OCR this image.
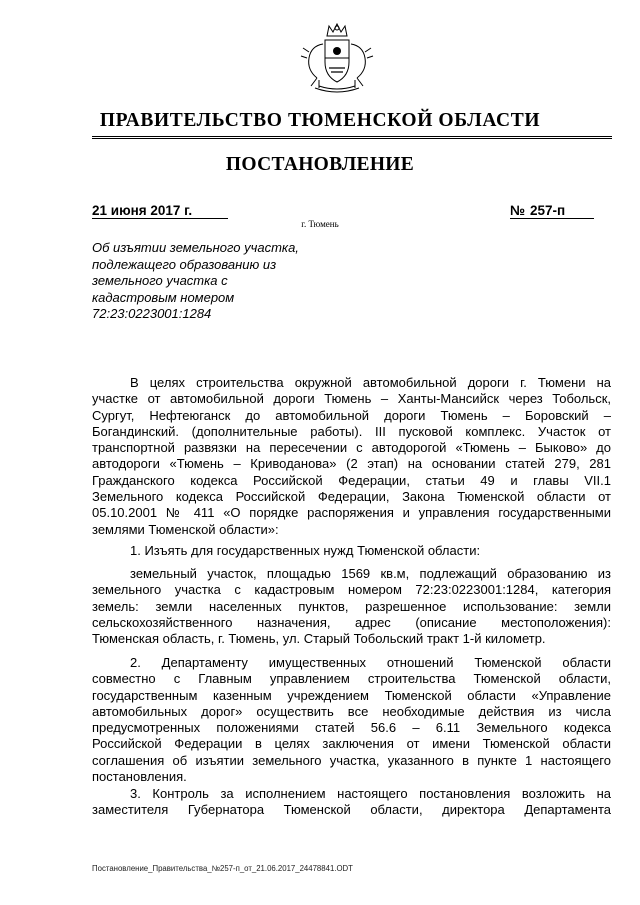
ПРАВИТЕЛЬСТВО ТЮМЕНСКОЙ ОБЛАСТИ
ПОСТАНОВЛЕНИЕ
21 июня 2017 г.
г. Тюмень
№ 257-п
Об изъятии земельного участка,
подлежащего образованию из
земельного участка с
кадастровым номером
72:23:0223001:1284
В целях строительства окружной автомобильной дороги г. Тюмени на
участке от автомобильной дороги Тюмень – Ханты-Мансийск через Тобольск,
Сургут, Нефтеюганск до автомобильной дороги Тюмень – Боровский –
Богандинский. (дополнительные работы). III пусковой комплекс. Участок от
транспортной развязки на пересечении с автодорогой «Тюмень – Быково» до
автодороги «Тюмень – Криводанова» (2 этап) на основании статей 279, 281
Гражданского кодекса Российской Федерации, статьи 49 и главы VII.1
Земельного кодекса Российской Федерации, Закона Тюменской области от
05.10.2001 № 411 «О порядке распоряжения и управления государственными
землями Тюменской области»:
1. Изъять для государственных нужд Тюменской области:
земельный участок, площадью 1569 кв.м, подлежащий образованию из
земельного участка с кадастровым номером 72:23:0223001:1284, категория
земель: земли населенных пунктов, разрешенное использование: земли
сельскохозяйственного назначения, адрес (описание местоположения):
Тюменская область, г. Тюмень, ул. Старый Тобольский тракт 1-й километр.
2. Департаменту имущественных отношений Тюменской области
совместно с Главным управлением строительства Тюменской области,
государственным казенным учреждением Тюменской области «Управление
автомобильных дорог» осуществить все необходимые действия из числа
предусмотренных положениями статей 56.6 – 6.11 Земельного кодекса
Российской Федерации в целях заключения от имени Тюменской области
соглашения об изъятии земельного участка, указанного в пункте 1 настоящего
постановления.
3. Контроль за исполнением настоящего постановления возложить на
заместителя Губернатора Тюменской области, директора Департамента
Постановление_Правительства_№257-п_от_21.06.2017_24478841.ODT
